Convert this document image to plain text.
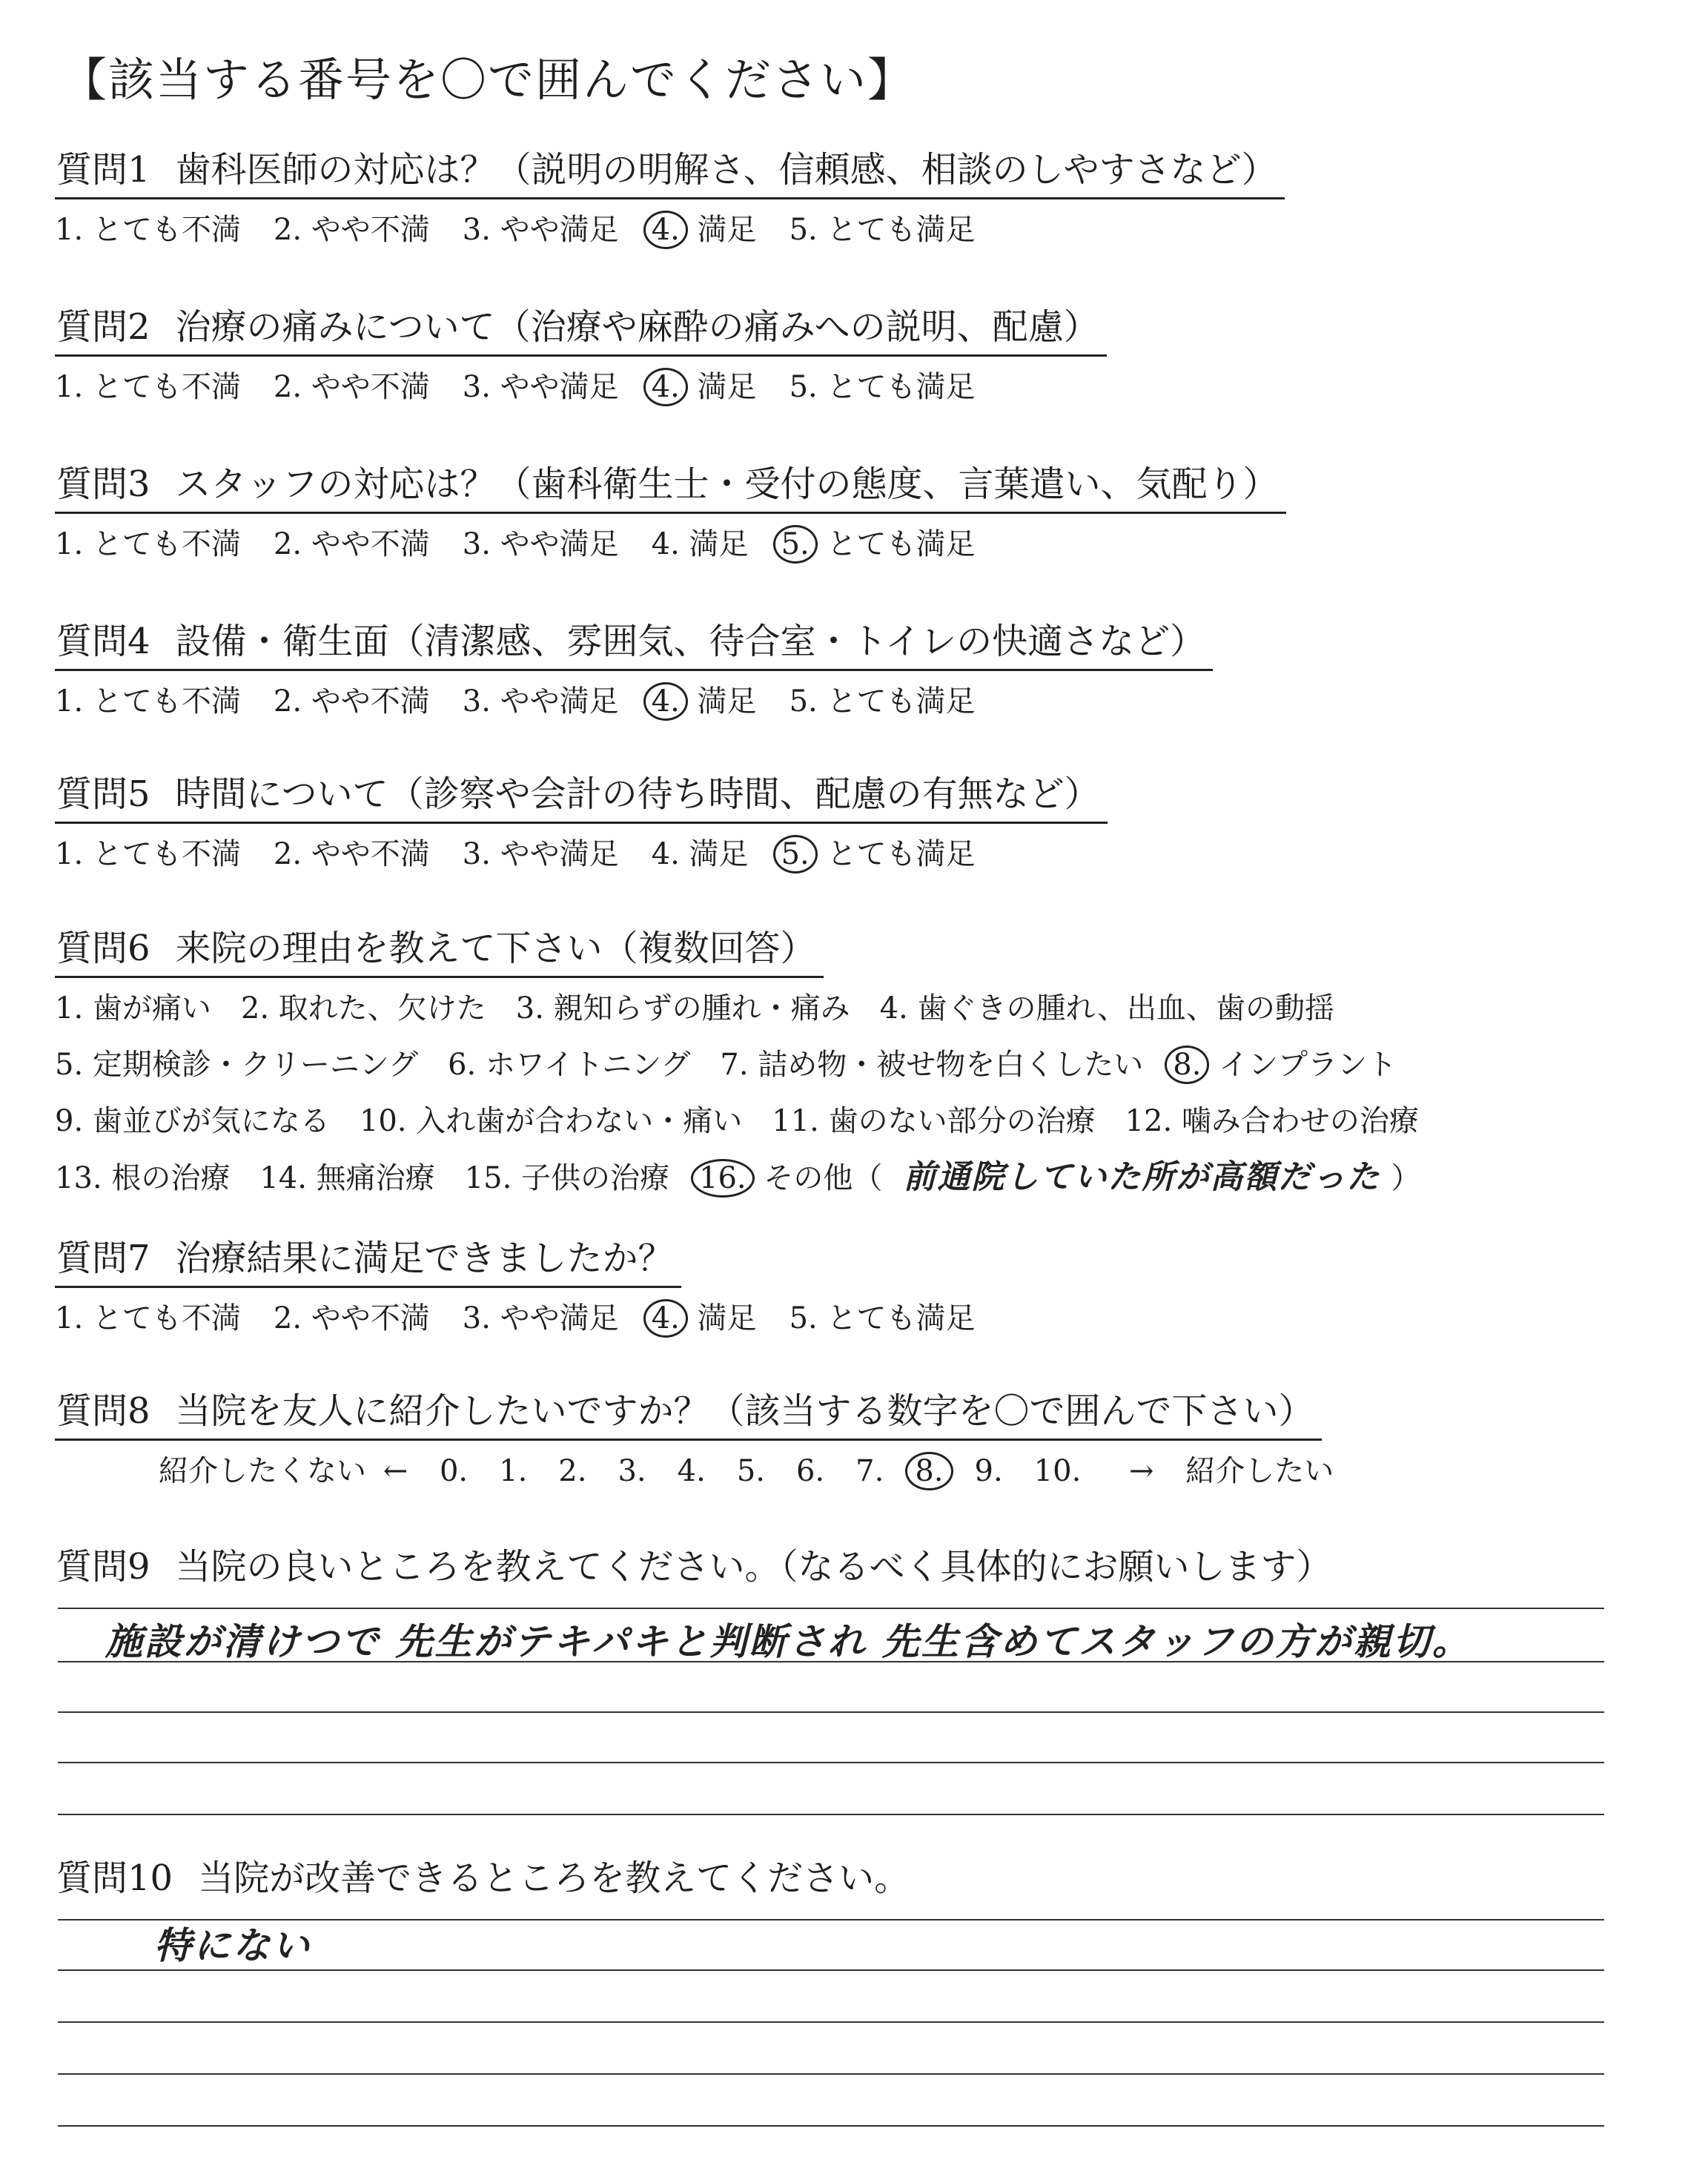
【該当する番号を〇で囲んでください】
質問1 歯科医師の対応は？（説明の明解さ、信頼感、相談のしやすさなど）
1. とても不満 2. やや不満 3. やや満足 4. 満足 5. とても満足
質問2 治療の痛みについて（治療や麻酔の痛みへの説明、配慮）
1. とても不満 2. やや不満 3. やや満足 4. 満足 5. とても満足
質問3 スタッフの対応は？（歯科衛生士・受付の態度、言葉遣い、気配り）
1. とても不満 2. やや不満 3. やや満足 4. 満足 5. とても満足
質問4 設備・衛生面（清潔感、雰囲気、待合室・トイレの快適さなど）
1. とても不満 2. やや不満 3. やや満足 4. 満足 5. とても満足
質問5 時間について（診察や会計の待ち時間、配慮の有無など）
1. とても不満 2. やや不満 3. やや満足 4. 満足 5. とても満足
質問6 来院の理由を教えて下さい（複数回答）
1. 歯が痛い 2. 取れた、欠けた 3. 親知らずの腫れ・痛み 4. 歯ぐきの腫れ、出血、歯の動揺
5. 定期検診・クリーニング 6. ホワイトニング 7. 詰め物・被せ物を白くしたい 8. インプラント
9. 歯並びが気になる 10. 入れ歯が合わない・痛い 11. 歯のない部分の治療 12. 噛み合わせの治療
13. 根の治療 14. 無痛治療 15. 子供の治療 16. その他（ 前通院していた所が高額だった ）
質問7 治療結果に満足できましたか？
1. とても不満 2. やや不満 3. やや満足 4. 満足 5. とても満足
質問8 当院を友人に紹介したいですか？（該当する数字を〇で囲んで下さい）
紹介したくない ← 0. 1. 2. 3. 4. 5. 6. 7. 8. 9. 10. → 紹介したい
質問9 当院の良いところを教えてください。（なるべく具体的にお願いします）
施設が清けつで 先生がテキパキと判断され 先生含めてスタッフの方が親切。
質問10 当院が改善できるところを教えてください。
特にない
